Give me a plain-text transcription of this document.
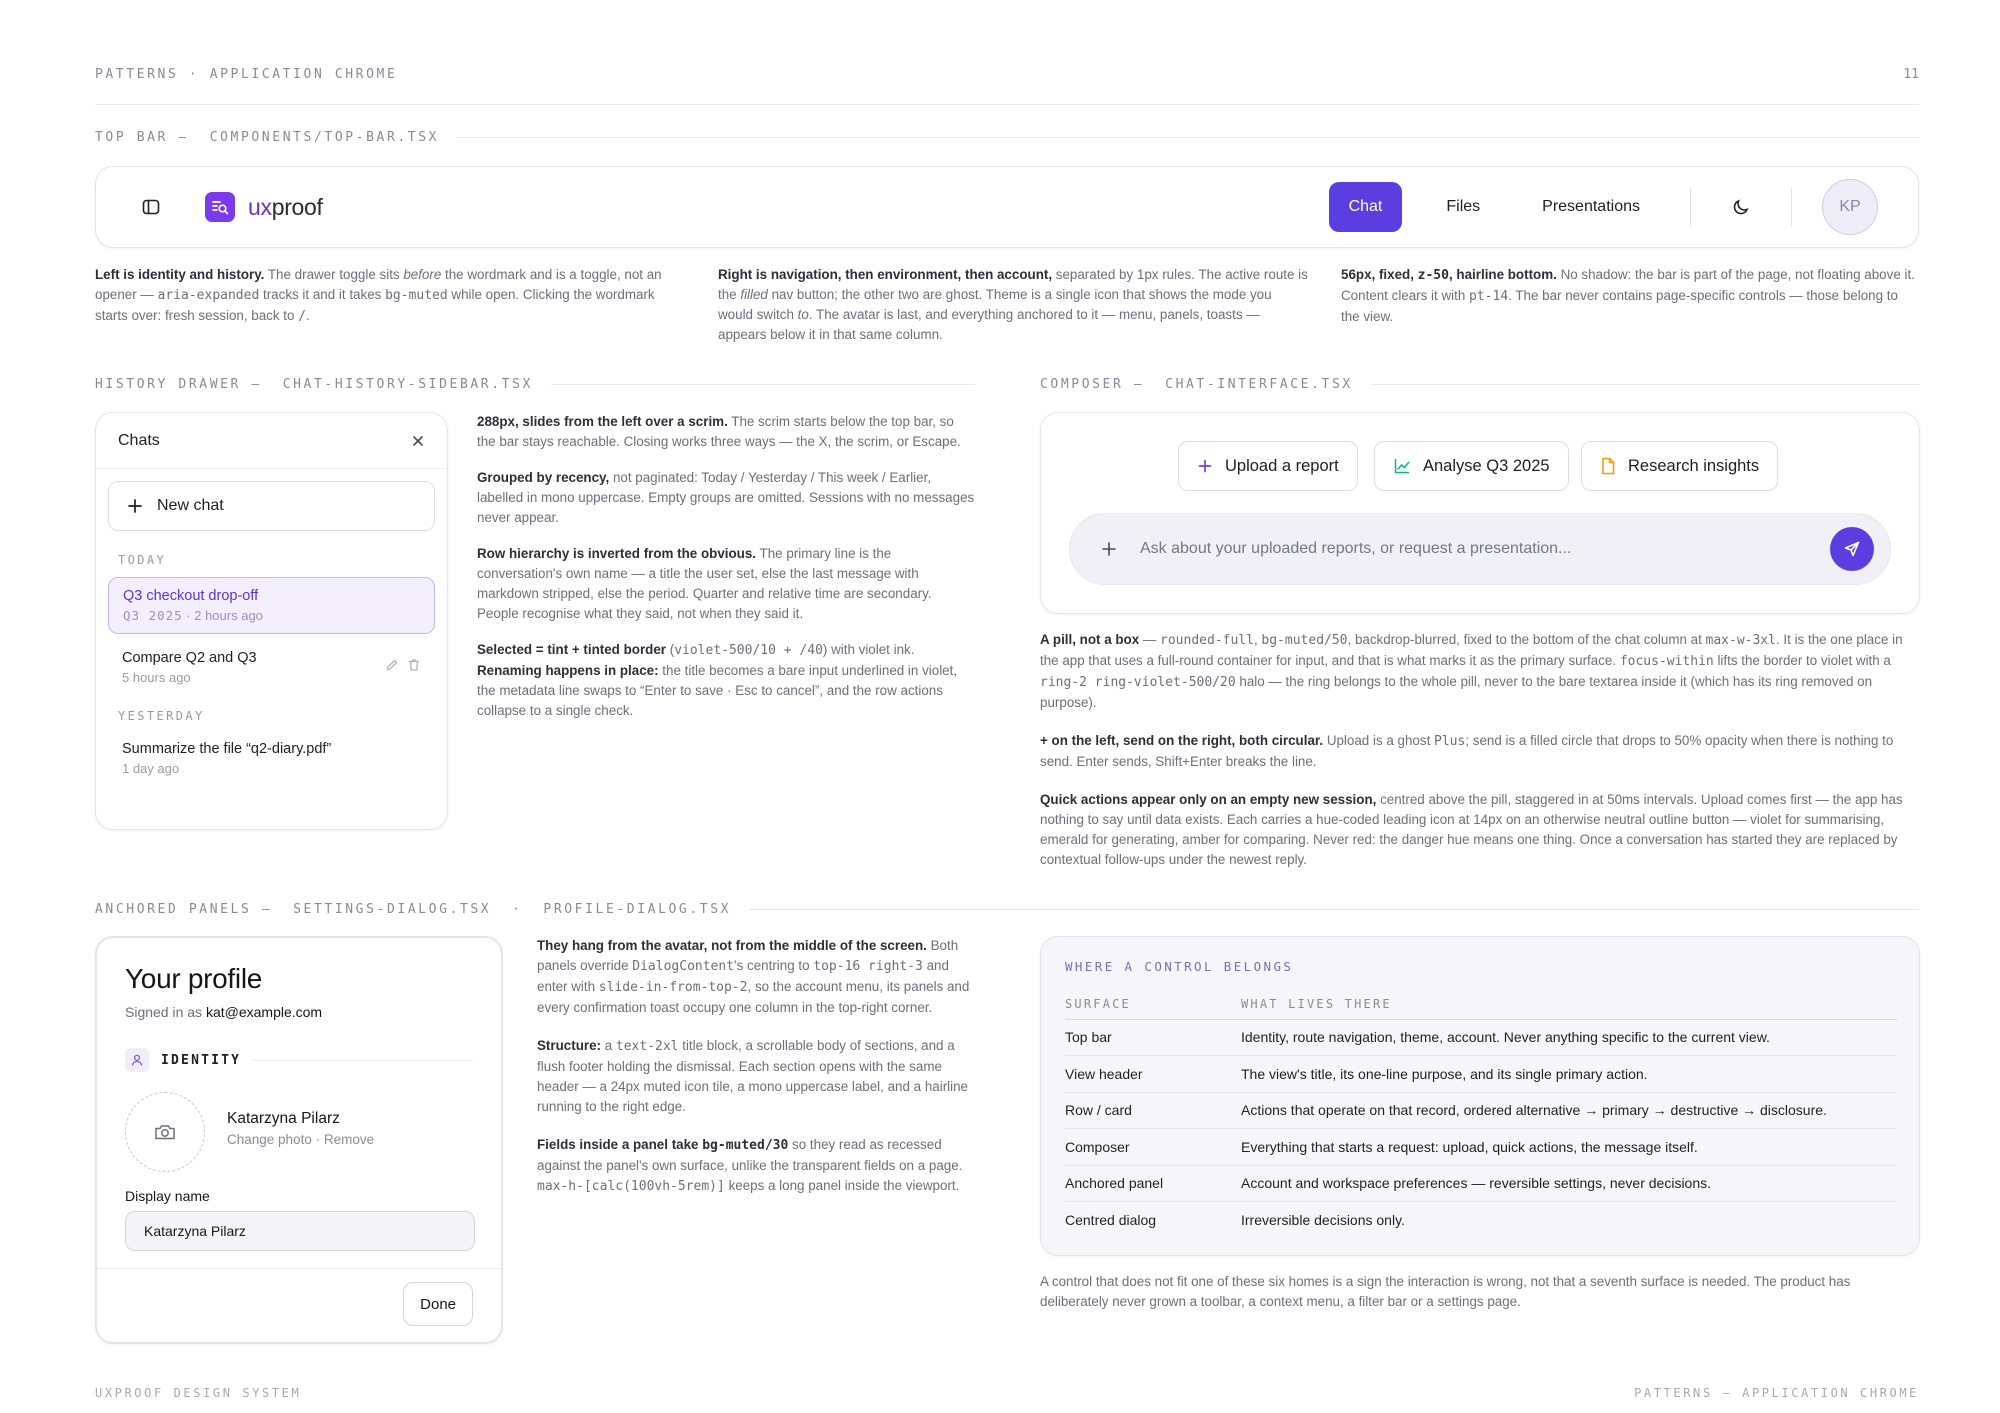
PATTERNS · APPLICATION CHROME	11
TOP BAR — COMPONENTS/TOP-BAR.TSX
uxproof	Chat	Files	Presentations	KP
Left is identity and history. The drawer toggle sits before the wordmark and is a toggle, not an opener — aria-expanded tracks it and it takes bg-muted while open. Clicking the wordmark starts over: fresh session, back to /.
Right is navigation, then environment, then account, separated by 1px rules. The active route is the filled nav button; the other two are ghost. Theme is a single icon that shows the mode you would switch to. The avatar is last, and everything anchored to it — menu, panels, toasts — appears below it in that same column.
56px, fixed, z-50, hairline bottom. No shadow: the bar is part of the page, not floating above it. Content clears it with pt-14. The bar never contains page-specific controls — those belong to the view.
HISTORY DRAWER — CHAT-HISTORY-SIDEBAR.TSX
Chats
New chat
TODAY
Q3 checkout drop-off
Q3 2025 · 2 hours ago
Compare Q2 and Q3
5 hours ago
YESTERDAY
Summarize the file “q2-diary.pdf”
1 day ago

288px, slides from the left over a scrim. The scrim starts below the top bar, so the bar stays reachable. Closing works three ways — the X, the scrim, or Escape.

Grouped by recency, not paginated: Today / Yesterday / This week / Earlier, labelled in mono uppercase. Empty groups are omitted. Sessions with no messages never appear.

Row hierarchy is inverted from the obvious. The primary line is the conversation's own name — a title the user set, else the last message with markdown stripped, else the period. Quarter and relative time are secondary. People recognise what they said, not when they said it.

Selected = tint + tinted border (violet-500/10 + /40) with violet ink.
Renaming happens in place: the title becomes a bare input underlined in violet, the metadata line swaps to “Enter to save · Esc to cancel”, and the row actions collapse to a single check.

COMPOSER — CHAT-INTERFACE.TSX
Upload a report	Analyse Q3 2025	Research insights
Ask about your uploaded reports, or request a presentation...

A pill, not a box — rounded-full, bg-muted/50, backdrop-blurred, fixed to the bottom of the chat column at max-w-3xl. It is the one place in the app that uses a full-round container for input, and that is what marks it as the primary surface. focus-within lifts the border to violet with a ring-2 ring-violet-500/20 halo — the ring belongs to the whole pill, never to the bare textarea inside it (which has its ring removed on purpose).

+ on the left, send on the right, both circular. Upload is a ghost Plus; send is a filled circle that drops to 50% opacity when there is nothing to send. Enter sends, Shift+Enter breaks the line.

Quick actions appear only on an empty new session, centred above the pill, staggered in at 50ms intervals. Upload comes first — the app has nothing to say until data exists. Each carries a hue-coded leading icon at 14px on an otherwise neutral outline button — violet for summarising, emerald for generating, amber for comparing. Never red: the danger hue means one thing. Once a conversation has started they are replaced by contextual follow-ups under the newest reply.

ANCHORED PANELS — SETTINGS-DIALOG.TSX · PROFILE-DIALOG.TSX
Your profile
Signed in as kat@example.com
IDENTITY
Katarzyna Pilarz
Change photo · Remove
Display name
Katarzyna Pilarz
Done

They hang from the avatar, not from the middle of the screen. Both panels override DialogContent's centring to top-16 right-3 and enter with slide-in-from-top-2, so the account menu, its panels and every confirmation toast occupy one column in the top-right corner.

Structure: a text-2xl title block, a scrollable body of sections, and a flush footer holding the dismissal. Each section opens with the same header — a 24px muted icon tile, a mono uppercase label, and a hairline running to the right edge.

Fields inside a panel take bg-muted/30 so they read as recessed against the panel's own surface, unlike the transparent fields on a page. max-h-[calc(100vh-5rem)] keeps a long panel inside the viewport.

WHERE A CONTROL BELONGS
SURFACE	WHAT LIVES THERE
Top bar	Identity, route navigation, theme, account. Never anything specific to the current view.
View header	The view's title, its one-line purpose, and its single primary action.
Row / card	Actions that operate on that record, ordered alternative → primary → destructive → disclosure.
Composer	Everything that starts a request: upload, quick actions, the message itself.
Anchored panel	Account and workspace preferences — reversible settings, never decisions.
Centred dialog	Irreversible decisions only.
A control that does not fit one of these six homes is a sign the interaction is wrong, not that a seventh surface is needed. The product has deliberately never grown a toolbar, a context menu, a filter bar or a settings page.
UXPROOF DESIGN SYSTEM	PATTERNS — APPLICATION CHROME
